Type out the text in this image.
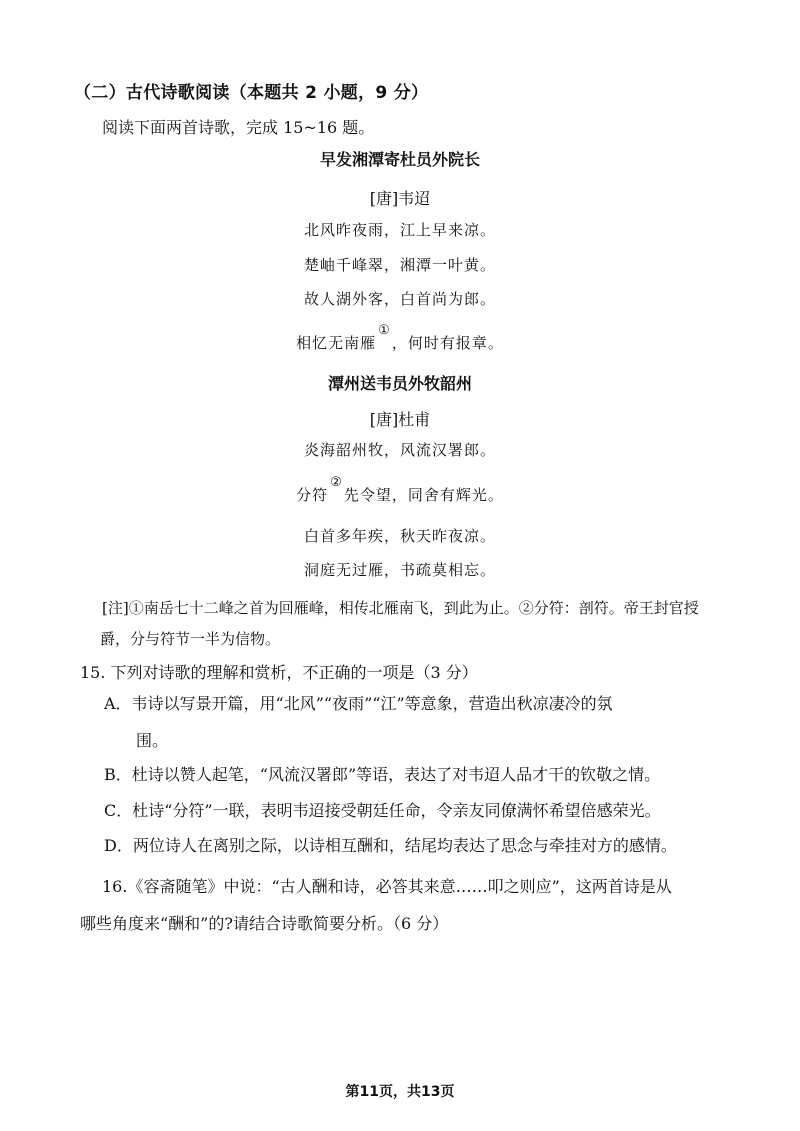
（二）古代诗歌阅读（本题共 2 小题，9 分）
阅读下面两首诗歌，完成 15~16 题。
早发湘潭寄杜员外院长
[唐]韦迢
北风昨夜雨，江上早来凉。
楚岫千峰翠，湘潭一叶黄。
故人湖外客，白首尚为郎。
相忆无南雁①，何时有报章。
潭州送韦员外牧韶州
[唐]杜甫
炎海韶州牧，风流汉署郎。
分符②先令望，同舍有辉光。
白首多年疾，秋天昨夜凉。
洞庭无过雁，书疏莫相忘。
[注]①南岳七十二峰之首为回雁峰，相传北雁南飞，到此为止。②分符：剖符。帝王封官授
爵，分与符节一半为信物。
15. 下列对诗歌的理解和赏析，不正确的一项是（3 分）
A．韦诗以写景开篇，用“北风”“夜雨”“江”等意象，营造出秋凉凄冷的氛
围。
B．杜诗以赞人起笔，“风流汉署郎”等语，表达了对韦迢人品才干的钦敬之情。
C．杜诗“分符”一联，表明韦迢接受朝廷任命，令亲友同僚满怀希望倍感荣光。
D．两位诗人在离别之际，以诗相互酬和，结尾均表达了思念与牵挂对方的感情。
16.《容斋随笔》中说：“古人酬和诗，必答其来意……叩之则应”，这两首诗是从
哪些角度来“酬和”的?请结合诗歌简要分析。（6 分）
第11页，共13页
